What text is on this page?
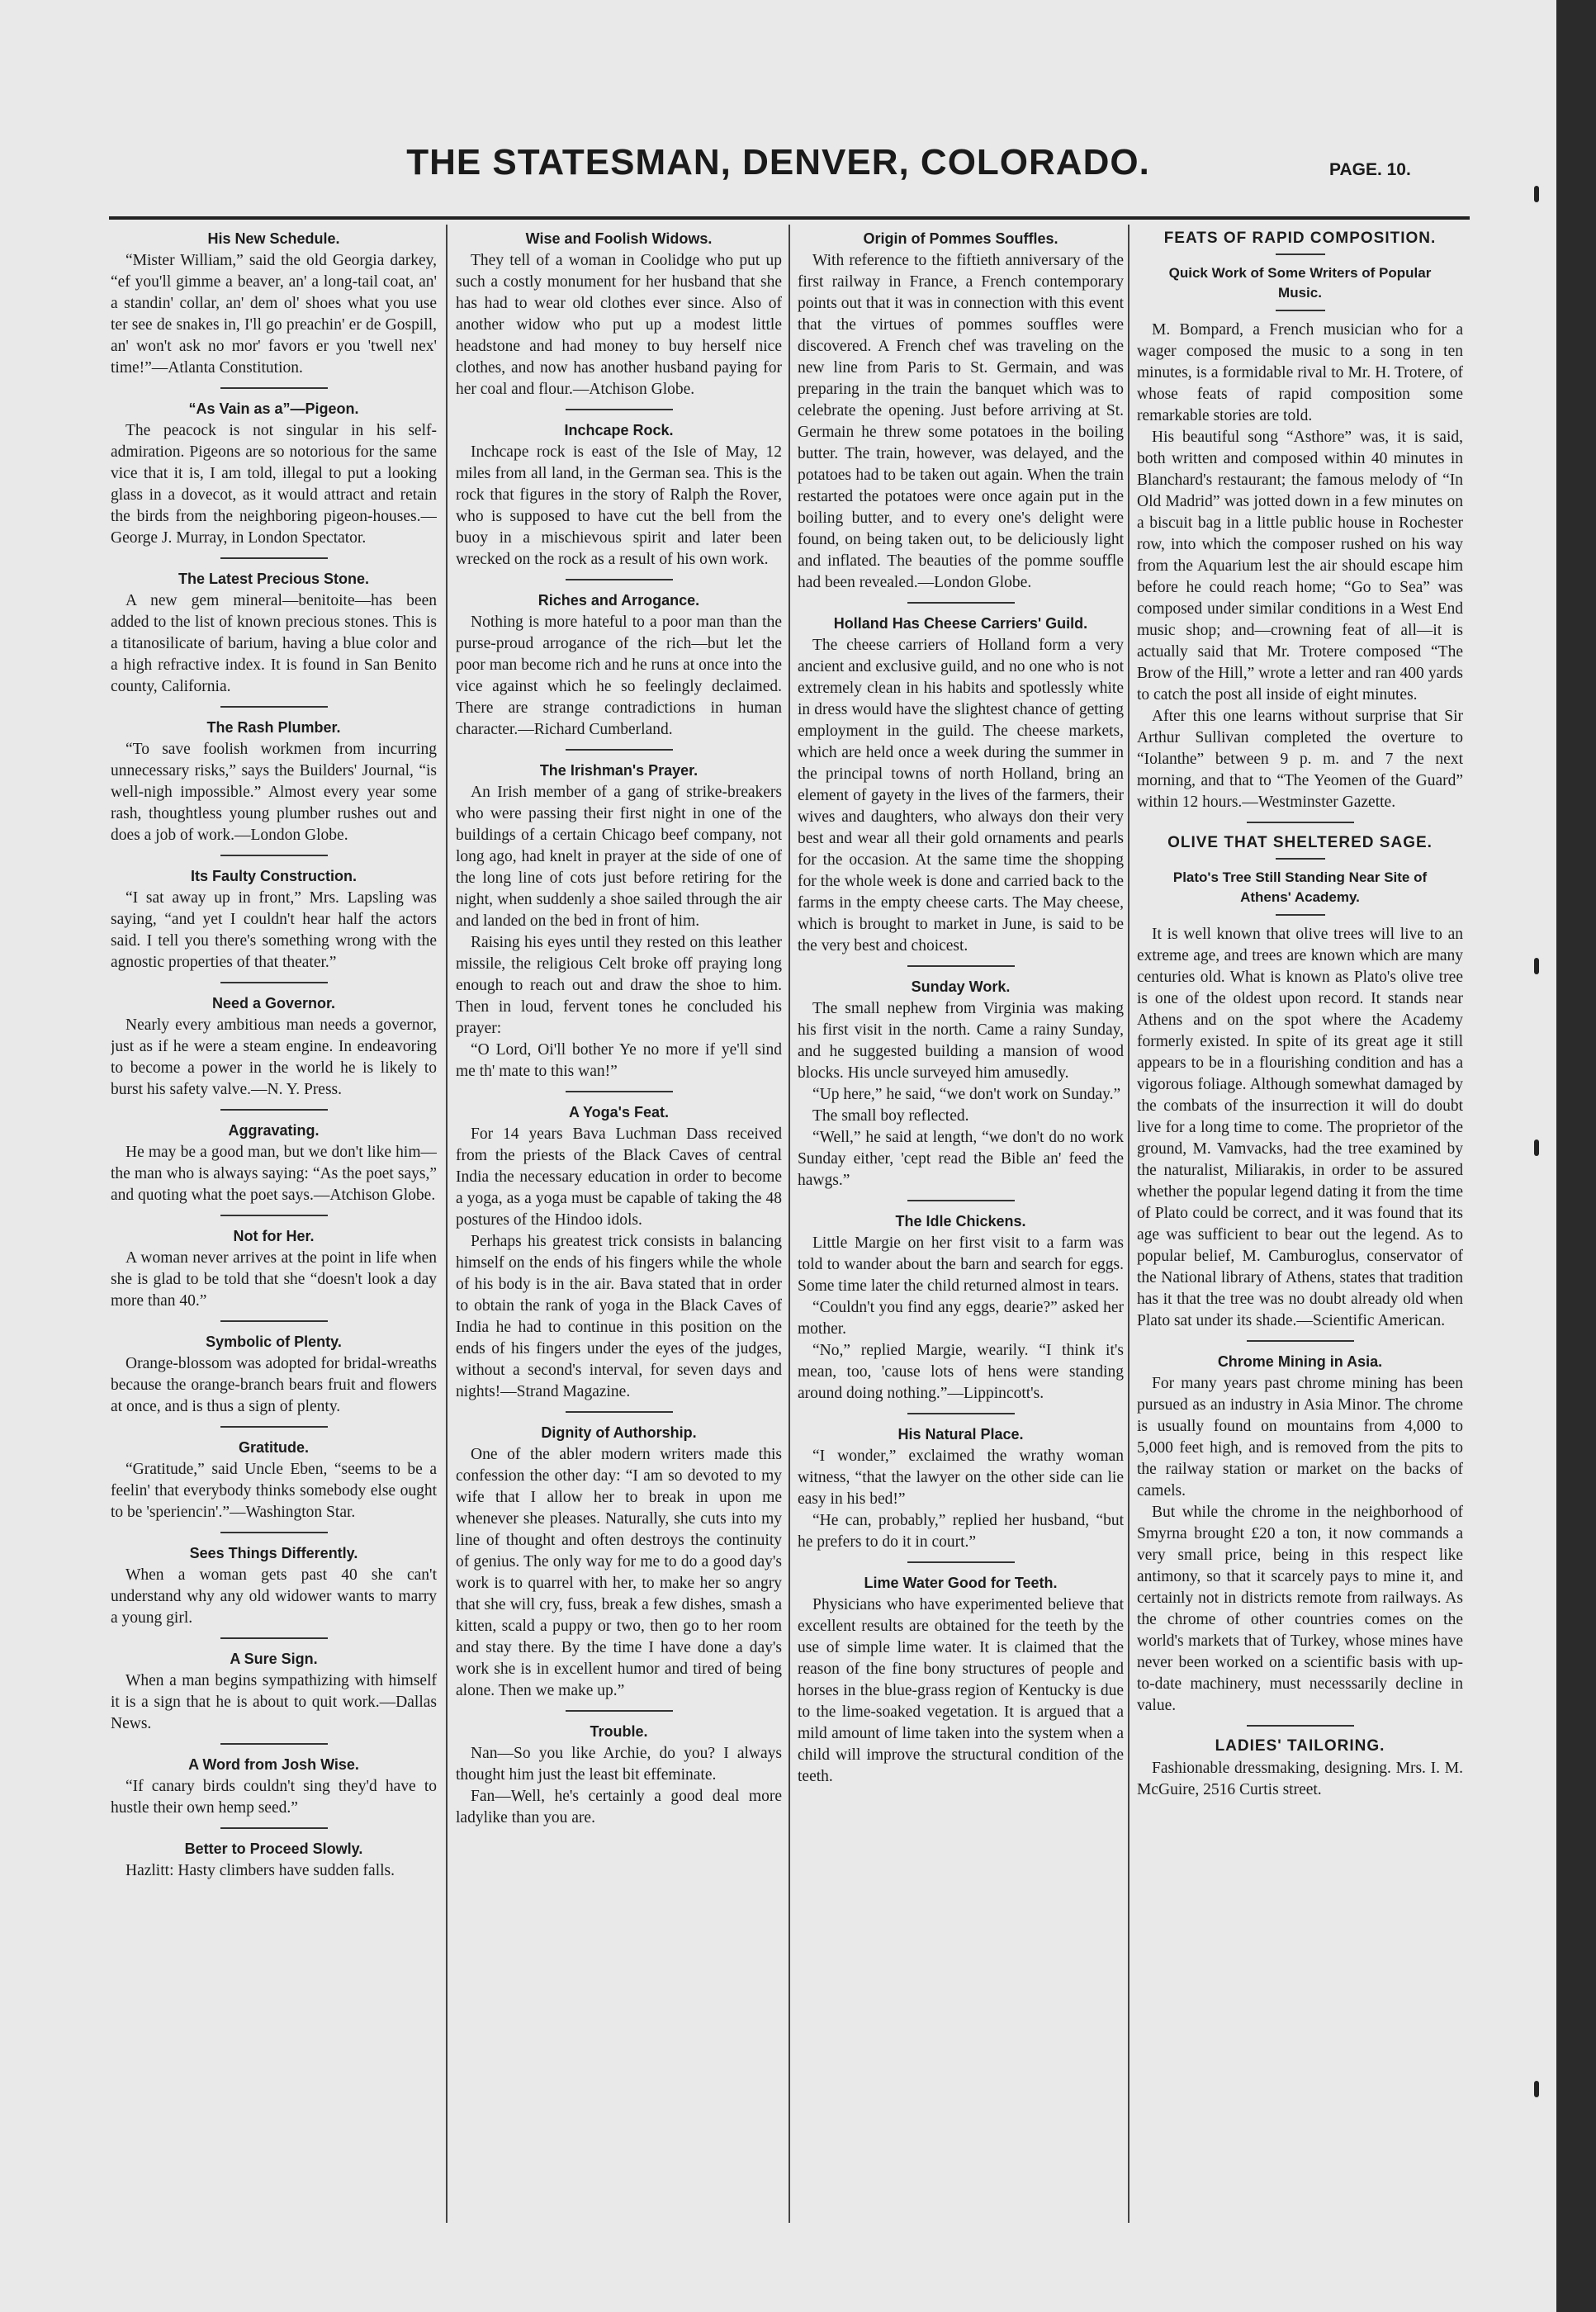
THE STATESMAN, DENVER, COLORADO.	PAGE. 10.
His New Schedule.
“Mister William,” said the old Georgia darkey, “ef you'll gimme a beaver, an' a long-tail coat, an' a standin' collar, an' dem ol' shoes what you use ter see de snakes in, I'll go preachin' er de Gospill, an' won't ask no mor' favors er you 'twell nex' time!”—Atlanta Constitution.
“As Vain as a”—Pigeon.
The peacock is not singular in his self-admiration. Pigeons are so notorious for the same vice that it is, I am told, illegal to put a looking glass in a dovecot, as it would attract and retain the birds from the neighboring pigeon-houses.—George J. Murray, in London Spectator.
The Latest Precious Stone.
A new gem mineral—benitoite—has been added to the list of known precious stones. This is a titanosilicate of barium, having a blue color and a high refractive index. It is found in San Benito county, California.
The Rash Plumber.
“To save foolish workmen from incurring unnecessary risks,” says the Builders' Journal, “is well-nigh impossible.” Almost every year some rash, thoughtless young plumber rushes out and does a job of work.—London Globe.
Its Faulty Construction.
“I sat away up in front,” Mrs. Lapsling was saying, “and yet I couldn't hear half the actors said. I tell you there's something wrong with the agnostic properties of that theater.”
Need a Governor.
Nearly every ambitious man needs a governor, just as if he were a steam engine. In endeavoring to become a power in the world he is likely to burst his safety valve.—N. Y. Press.
Aggravating.
He may be a good man, but we don't like him—the man who is always saying: “As the poet says,” and quoting what the poet says.—Atchison Globe.
Not for Her.
A woman never arrives at the point in life when she is glad to be told that she “doesn't look a day more than 40.”
Symbolic of Plenty.
Orange-blossom was adopted for bridal-wreaths because the orange-branch bears fruit and flowers at once, and is thus a sign of plenty.
Gratitude.
“Gratitude,” said Uncle Eben, “seems to be a feelin' that everybody thinks somebody else ought to be 'speriencin'.”—Washington Star.
Sees Things Differently.
When a woman gets past 40 she can't understand why any old widower wants to marry a young girl.
A Sure Sign.
When a man begins sympathizing with himself it is a sign that he is about to quit work.—Dallas News.
A Word from Josh Wise.
“If canary birds couldn't sing they'd have to hustle their own hemp seed.”
Better to Proceed Slowly.
Hazlitt: Hasty climbers have sudden falls.
Wise and Foolish Widows.
They tell of a woman in Coolidge who put up such a costly monument for her husband that she has had to wear old clothes ever since. Also of another widow who put up a modest little headstone and had money to buy herself nice clothes, and now has another husband paying for her coal and flour.—Atchison Globe.
Inchcape Rock.
Inchcape rock is east of the Isle of May, 12 miles from all land, in the German sea. This is the rock that figures in the story of Ralph the Rover, who is supposed to have cut the bell from the buoy in a mischievous spirit and later been wrecked on the rock as a result of his own work.
Riches and Arrogance.
Nothing is more hateful to a poor man than the purse-proud arrogance of the rich—but let the poor man become rich and he runs at once into the vice against which he so feelingly declaimed. There are strange contradictions in human character.—Richard Cumberland.
The Irishman's Prayer.

An Irish member of a gang of strike-breakers who were passing their first night in one of the buildings of a certain Chicago beef company, not long ago, had knelt in prayer at the side of one of the long line of cots just before retiring for the night, when suddenly a shoe sailed through the air and landed on the bed in front of him.

Raising his eyes until they rested on this leather missile, the religious Celt broke off praying long enough to reach out and draw the shoe to him. Then in loud, fervent tones he concluded his prayer:

“O Lord, Oi'll bother Ye no more if ye'll sind me th' mate to this wan!”

A Yoga's Feat.

For 14 years Bava Luchman Dass received from the priests of the Black Caves of central India the necessary education in order to become a yoga, as a yoga must be capable of taking the 48 postures of the Hindoo idols.

Perhaps his greatest trick consists in balancing himself on the ends of his fingers while the whole of his body is in the air. Bava stated that in order to obtain the rank of yoga in the Black Caves of India he had to continue in this position on the ends of his fingers under the eyes of the judges, without a second's interval, for seven days and nights!—Strand Magazine.

Dignity of Authorship.
One of the abler modern writers made this confession the other day: “I am so devoted to my wife that I allow her to break in upon me whenever she pleases. Naturally, she cuts into my line of thought and often destroys the continuity of genius. The only way for me to do a good day's work is to quarrel with her, to make her so angry that she will cry, fuss, break a few dishes, smash a kitten, scald a puppy or two, then go to her room and stay there. By the time I have done a day's work she is in excellent humor and tired of being alone. Then we make up.”
Trouble.

Nan—So you like Archie, do you? I always thought him just the least bit effeminate.

Fan—Well, he's certainly a good deal more ladylike than you are.

Origin of Pommes Souffles.
With reference to the fiftieth anniversary of the first railway in France, a French contemporary points out that it was in connection with this event that the virtues of pommes souffles were discovered. A French chef was traveling on the new line from Paris to St. Germain, and was preparing in the train the banquet which was to celebrate the opening. Just before arriving at St. Germain he threw some potatoes in the boiling butter. The train, however, was delayed, and the potatoes had to be taken out again. When the train restarted the potatoes were once again put in the boiling butter, and to every one's delight were found, on being taken out, to be deliciously light and inflated. The beauties of the pomme souffle had been revealed.—London Globe.
Holland Has Cheese Carriers' Guild.
The cheese carriers of Holland form a very ancient and exclusive guild, and no one who is not extremely clean in his habits and spotlessly white in dress would have the slightest chance of getting employment in the guild. The cheese markets, which are held once a week during the summer in the principal towns of north Holland, bring an element of gayety in the lives of the farmers, their wives and daughters, who always don their very best and wear all their gold ornaments and pearls for the occasion. At the same time the shopping for the whole week is done and carried back to the farms in the empty cheese carts. The May cheese, which is brought to market in June, is said to be the very best and choicest.
Sunday Work.

The small nephew from Virginia was making his first visit in the north. Came a rainy Sunday, and he suggested building a mansion of wood blocks. His uncle surveyed him amusedly.

“Up here,” he said, “we don't work on Sunday.”

The small boy reflected.

“Well,” he said at length, “we don't do no work Sunday either, 'cept read the Bible an' feed the hawgs.”

The Idle Chickens.

Little Margie on her first visit to a farm was told to wander about the barn and search for eggs. Some time later the child returned almost in tears.

“Couldn't you find any eggs, dearie?” asked her mother.

“No,” replied Margie, wearily. “I think it's mean, too, 'cause lots of hens were standing around doing nothing.”—Lippincott's.

His Natural Place.

“I wonder,” exclaimed the wrathy woman witness, “that the lawyer on the other side can lie easy in his bed!”

“He can, probably,” replied her husband, “but he prefers to do it in court.”

Lime Water Good for Teeth.
Physicians who have experimented believe that excellent results are obtained for the teeth by the use of simple lime water. It is claimed that the reason of the fine bony structures of people and horses in the blue-grass region of Kentucky is due to the lime-soaked vegetation. It is argued that a mild amount of lime taken into the system when a child will improve the structural condition of the teeth.
FEATS OF RAPID COMPOSITION.
Quick Work of Some Writers of Popular Music.

M. Bompard, a French musician who for a wager composed the music to a song in ten minutes, is a formidable rival to Mr. H. Trotere, of whose feats of rapid composition some remarkable stories are told.

His beautiful song “Asthore” was, it is said, both written and composed within 40 minutes in Blanchard's restaurant; the famous melody of “In Old Madrid” was jotted down in a few minutes on a biscuit bag in a little public house in Rochester row, into which the composer rushed on his way from the Aquarium lest the air should escape him before he could reach home; “Go to Sea” was composed under similar conditions in a West End music shop; and—crowning feat of all—it is actually said that Mr. Trotere composed “The Brow of the Hill,” wrote a letter and ran 400 yards to catch the post all inside of eight minutes.

After this one learns without surprise that Sir Arthur Sullivan completed the overture to “Iolanthe” between 9 p. m. and 7 the next morning, and that to “The Yeomen of the Guard” within 12 hours.—Westminster Gazette.

OLIVE THAT SHELTERED SAGE.
Plato's Tree Still Standing Near Site of Athens' Academy.
It is well known that olive trees will live to an extreme age, and trees are known which are many centuries old. What is known as Plato's olive tree is one of the oldest upon record. It stands near Athens and on the spot where the Academy formerly existed. In spite of its great age it still appears to be in a flourishing condition and has a vigorous foliage. Although somewhat damaged by the combats of the insurrection it will do doubt live for a long time to come. The proprietor of the ground, M. Vamvacks, had the tree examined by the naturalist, Miliarakis, in order to be assured whether the popular legend dating it from the time of Plato could be correct, and it was found that its age was sufficient to bear out the legend. As to popular belief, M. Camburoglus, conservator of the National library of Athens, states that tradition has it that the tree was no doubt already old when Plato sat under its shade.—Scientific American.
Chrome Mining in Asia.

For many years past chrome mining has been pursued as an industry in Asia Minor. The chrome is usually found on mountains from 4,000 to 5,000 feet high, and is removed from the pits to the railway station or market on the backs of camels.

But while the chrome in the neighborhood of Smyrna brought £20 a ton, it now commands a very small price, being in this respect like antimony, so that it scarcely pays to mine it, and certainly not in districts remote from railways. As the chrome of other countries comes on the world's markets that of Turkey, whose mines have never been worked on a scientific basis with up-to-date machinery, must necesssarily decline in value.

LADIES' TAILORING.
Fashionable dressmaking, designing. Mrs. I. M. McGuire, 2516 Curtis street.
